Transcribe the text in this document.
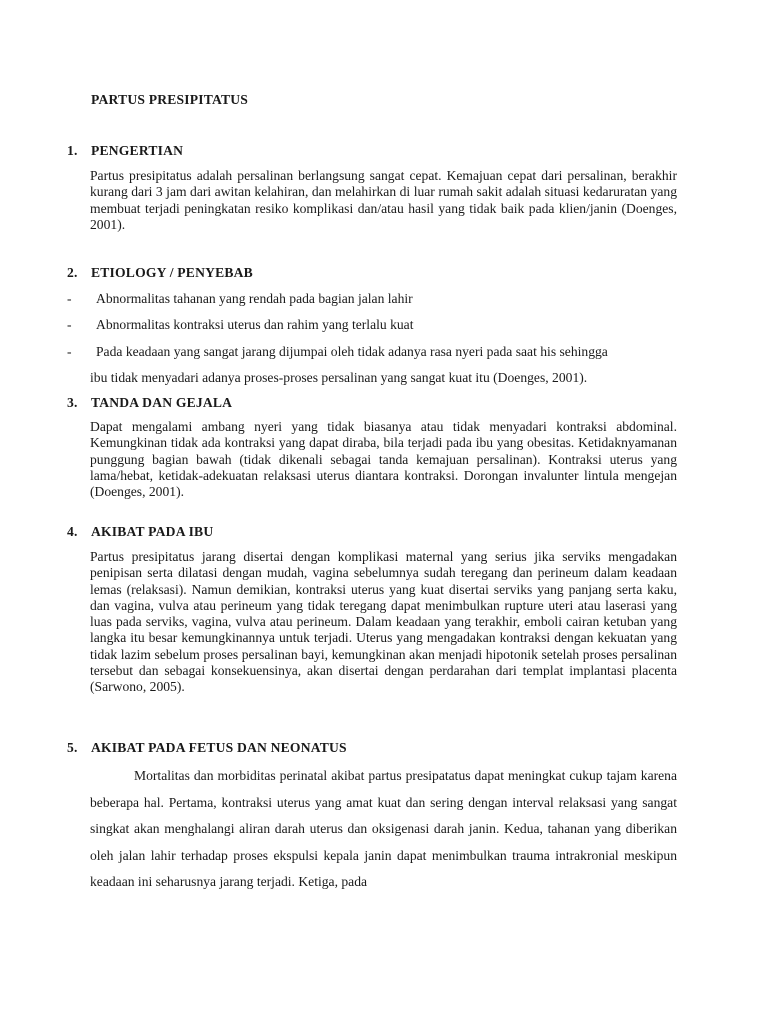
PARTUS PRESIPITATUS
1. PENGERTIAN
Partus presipitatus adalah persalinan berlangsung sangat cepat. Kemajuan cepat dari persalinan, berakhir kurang dari 3 jam dari awitan kelahiran, dan melahirkan di luar rumah sakit adalah situasi kedaruratan yang membuat terjadi peningkatan resiko komplikasi dan/atau hasil yang tidak baik pada klien/janin (Doenges, 2001).
2. ETIOLOGY / PENYEBAB
- Abnormalitas tahanan yang rendah pada bagian jalan lahir
- Abnormalitas kontraksi uterus dan rahim yang terlalu kuat
- Pada keadaan yang sangat jarang dijumpai oleh tidak adanya rasa nyeri pada saat his sehingga
ibu tidak menyadari adanya proses-proses persalinan yang sangat kuat itu (Doenges, 2001).
3. TANDA DAN GEJALA
Dapat mengalami ambang nyeri yang tidak biasanya atau tidak menyadari kontraksi abdominal. Kemungkinan tidak ada kontraksi yang dapat diraba, bila terjadi pada ibu yang obesitas. Ketidaknyamanan punggung bagian bawah (tidak dikenali sebagai tanda kemajuan persalinan). Kontraksi uterus yang lama/hebat, ketidak-adekuatan relaksasi uterus diantara kontraksi. Dorongan invalunter lintula mengejan (Doenges, 2001).
4. AKIBAT PADA IBU
Partus presipitatus jarang disertai dengan komplikasi maternal yang serius jika serviks mengadakan penipisan serta dilatasi dengan mudah, vagina sebelumnya sudah teregang dan perineum dalam keadaan lemas (relaksasi). Namun demikian, kontraksi uterus yang kuat disertai serviks yang panjang serta kaku, dan vagina, vulva atau perineum yang tidak teregang dapat menimbulkan rupture uteri atau laserasi yang luas pada serviks, vagina, vulva atau perineum. Dalam keadaan yang terakhir, emboli cairan ketuban yang langka itu besar kemungkinannya untuk terjadi. Uterus yang mengadakan kontraksi dengan kekuatan yang tidak lazim sebelum proses persalinan bayi, kemungkinan akan menjadi hipotonik setelah proses persalinan tersebut dan sebagai konsekuensinya, akan disertai dengan perdarahan dari templat implantasi placenta (Sarwono, 2005).
5. AKIBAT PADA FETUS DAN NEONATUS
Mortalitas dan morbiditas perinatal akibat partus presipatatus dapat meningkat cukup tajam karena beberapa hal. Pertama, kontraksi uterus yang amat kuat dan sering dengan interval relaksasi yang sangat singkat akan menghalangi aliran darah uterus dan oksigenasi darah janin. Kedua, tahanan yang diberikan oleh jalan lahir terhadap proses ekspulsi kepala janin dapat menimbulkan trauma intrakronial meskipun keadaan ini seharusnya jarang terjadi. Ketiga, pada
